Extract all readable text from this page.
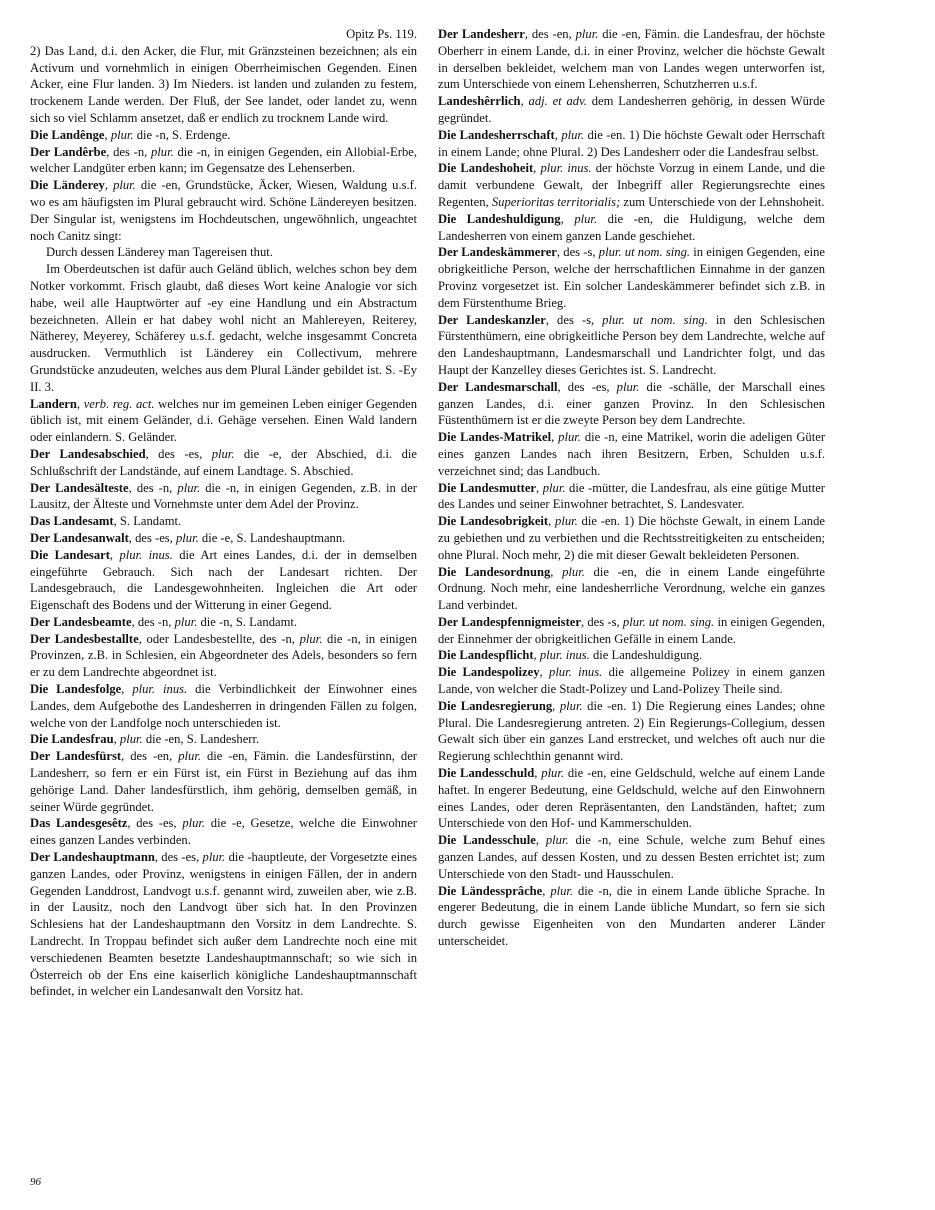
Opitz Ps. 119.

2) Das Land, d.i. den Acker, die Flur, mit Gränzsteinen bezeichnen; als ein Activum und vornehmlich in einigen Oberrheimischen Gegenden. Einen Acker, eine Flur landen. 3) Im Nieders. ist landen und zulanden zu festem, trockenem Lande werden. Der Fluß, der See landet, oder landet zu, wenn sich so viel Schlamm ansetzet, daß er endlich zu trocknem Lande wird.

Die Landênge, plur. die -n, S. Erdenge.

Der Landêrbe, des -n, plur. die -n, in einigen Gegenden, ein Allobial-Erbe, welcher Landgüter erben kann; im Gegensatze des Lehenserben.

Die Länderey, plur. die -en, Grundstücke, Äcker, Wiesen, Waldung u.s.f. wo es am häufigsten im Plural gebraucht wird. Schöne Ländereyen besitzen. Der Singular ist, wenigstens im Hochdeutschen, ungewöhnlich, ungeachtet noch Canitz singt:

Durch dessen Länderey man Tagereisen thut.

Im Oberdeutschen ist dafür auch Geländ üblich, welches schon bey dem Notker vorkommt. Frisch glaubt, daß dieses Wort keine Analogie vor sich habe, weil alle Hauptwörter auf -ey eine Handlung und ein Abstractum bezeichneten. Allein er hat dabey wohl nicht an Mahlereyen, Reiterey, Nätherey, Meyerey, Schäferey u.s.f. gedacht, welche insgesammt Concreta ausdrucken. Vermuthlich ist Länderey ein Collectivum, mehrere Grundstücke anzudeuten, welches aus dem Plural Länder gebildet ist. S. -Ey II. 3.

Landern, verb. reg. act. welches nur im gemeinen Leben einiger Gegenden üblich ist, mit einem Geländer, d.i. Gehäge versehen. Einen Wald landern oder einlandern. S. Geländer.

Der Landesabschied, des -es, plur. die -e, der Abschied, d.i. die Schlußschrift der Landstände, auf einem Landtage. S. Abschied.

Der Landesälteste, des -n, plur. die -n, in einigen Gegenden, z.B. in der Lausitz, der Älteste und Vornehmste unter dem Adel der Provinz.

Das Landesamt, S. Landamt.

Der Landesanwalt, des -es, plur. die -e, S. Landeshauptmann.

Die Landesart, plur. inus. die Art eines Landes, d.i. der in demselben eingeführte Gebrauch. Sich nach der Landesart richten. Der Landesgebrauch, die Landesgewohnheiten. Ingleichen die Art oder Eigenschaft des Bodens und der Witterung in einer Gegend.

Der Landesbeamte, des -n, plur. die -n, S. Landamt.

Der Landesbestallte, oder Landesbestellte, des -n, plur. die -n, in einigen Provinzen, z.B. in Schlesien, ein Abgeordneter des Adels, besonders so fern er zu dem Landrechte abgeordnet ist.

Die Landesfolge, plur. inus. die Verbindlichkeit der Einwohner eines Landes, dem Aufgebothe des Landesherren in dringenden Fällen zu folgen, welche von der Landfolge noch unterschieden ist.

Die Landesfrau, plur. die -en, S. Landesherr.

Der Landesfürst, des -en, plur. die -en, Fämin. die Landesfürstinn, der Landesherr, so fern er ein Fürst ist, ein Fürst in Beziehung auf das ihm gehörige Land. Daher landesfürstlich, ihm gehörig, demselben gemäß, in seiner Würde gegründet.

Das Landesgesêtz, des -es, plur. die -e, Gesetze, welche die Einwohner eines ganzen Landes verbinden.

Der Landeshauptmann, des -es, plur. die -hauptleute, der Vorgesetzte eines ganzen Landes, oder Provinz, wenigstens in einigen Fällen, der in andern Gegenden Landdrost, Landvogt u.s.f. genannt wird, zuweilen aber, wie z.B. in der Lausitz, noch den Landvogt über sich hat. In den Provinzen Schlesiens hat der Landeshauptmann den Vorsitz in dem Landrechte. S. Landrecht. In Troppau befindet sich außer dem Landrechte noch eine mit verschiedenen Beamten besetzte Landeshauptmannschaft; so wie sich in Österreich ob der Ens eine kaiserlich königliche Landeshauptmannschaft befindet, in welcher ein Landesanwalt den Vorsitz hat.

Der Landesherr, des -en, plur. die -en, Fämin. die Landesfrau, der höchste Oberherr in einem Lande, d.i. in einer Provinz, welcher die höchste Gewalt in derselben bekleidet, welchem man von Landes wegen unterworfen ist, zum Unterschiede von einem Lehensherren, Schutzherren u.s.f.

Landeshêrrlich, adj. et adv. dem Landesherren gehörig, in dessen Würde gegründet.

Die Landesherrschaft, plur. die -en. 1) Die höchste Gewalt oder Herrschaft in einem Lande; ohne Plural. 2) Des Landesherr oder die Landesfrau selbst.

Die Landeshoheit, plur. inus. der höchste Vorzug in einem Lande, und die damit verbundene Gewalt, der Inbegriff aller Regierungsrechte eines Regenten, Superioritas territorialis; zum Unterschiede von der Lehnshoheit.

Die Landeshuldigung, plur. die -en, die Huldigung, welche dem Landesherren von einem ganzen Lande geschiehet.

Der Landeskämmerer, des -s, plur. ut nom. sing. in einigen Gegenden, eine obrigkeitliche Person, welche der herrschaftlichen Einnahme in der ganzen Provinz vorgesetzet ist. Ein solcher Landeskämmerer befindet sich z.B. in dem Fürstenthume Brieg.

Der Landeskanzler, des -s, plur. ut nom. sing. in den Schlesischen Fürstenthümern, eine obrigkeitliche Person bey dem Landrechte, welche auf den Landeshauptmann, Landesmarschall und Landrichter folgt, und das Haupt der Kanzelley dieses Gerichtes ist. S. Landrecht.

Der Landesmarschall, des -es, plur. die -schälle, der Marschall eines ganzen Landes, d.i. einer ganzen Provinz. In den Schlesischen Füstenthümern ist er die zweyte Person bey dem Landrechte.

Die Landes-Matrikel, plur. die -n, eine Matrikel, worin die adeligen Güter eines ganzen Landes nach ihren Besitzern, Erben, Schulden u.s.f. verzeichnet sind; das Landbuch.

Die Landesmutter, plur. die -mütter, die Landesfrau, als eine gütige Mutter des Landes und seiner Einwohner betrachtet, S. Landesvater.

Die Landesobrigkeit, plur. die -en. 1) Die höchste Gewalt, in einem Lande zu gebiethen und zu verbiethen und die Rechtsstreitigkeiten zu entscheiden; ohne Plural. Noch mehr, 2) die mit dieser Gewalt bekleideten Personen.

Die Landesordnung, plur. die -en, die in einem Lande eingeführte Ordnung. Noch mehr, eine landesherrliche Verordnung, welche ein ganzes Land verbindet.

Der Landespfennigmeister, des -s, plur. ut nom. sing. in einigen Gegenden, der Einnehmer der obrigkeitlichen Gefälle in einem Lande.

Die Landespflicht, plur. inus. die Landeshuldigung.

Die Landespolizey, plur. inus. die allgemeine Polizey in einem ganzen Lande, von welcher die Stadt-Polizey und Land-Polizey Theile sind.

Die Landesregierung, plur. die -en. 1) Die Regierung eines Landes; ohne Plural. Die Landesregierung antreten. 2) Ein Regierungs-Collegium, dessen Gewalt sich über ein ganzes Land erstrecket, und welches oft auch nur die Regierung schlechthin genannt wird.

Die Landesschuld, plur. die -en, eine Geldschuld, welche auf einem Lande haftet. In engerer Bedeutung, eine Geldschuld, welche auf den Einwohnern eines Landes, oder deren Repräsentanten, den Landständen, haftet; zum Unterschiede von den Hof- und Kammerschulden.

Die Landesschule, plur. die -n, eine Schule, welche zum Behuf eines ganzen Landes, auf dessen Kosten, und zu dessen Besten errichtet ist; zum Unterschiede von den Stadt- und Hausschulen.

Die Ländessprâche, plur. die -n, die in einem Lande übliche Sprache. In engerer Bedeutung, die in einem Lande übliche Mundart, so fern sie sich durch gewisse Eigenheiten von den Mundarten anderer Länder unterscheidet.

96
